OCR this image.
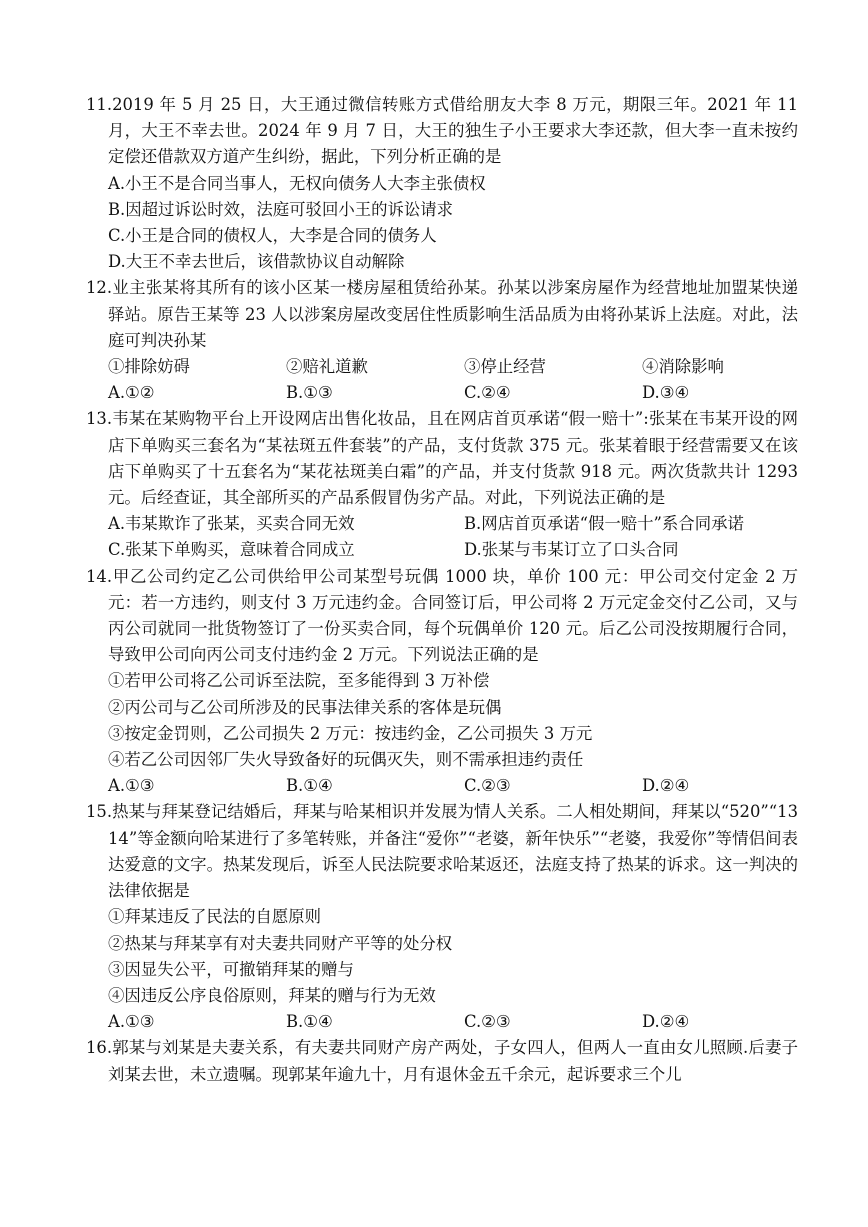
11.2019 年 5 月 25 日，大王通过微信转账方式借给朋友大李 8 万元，期限三年。2021 年 11 月，大王不幸去世。2024 年 9 月 7 日，大王的独生子小王要求大李还款，但大李一直未按约定偿还借款双方道产生纠纷，据此，下列分析正确的是
A.小王不是合同当事人，无权向债务人大李主张债权
B.因超过诉讼时效，法庭可驳回小王的诉讼请求
C.小王是合同的债权人，大李是合同的债务人
D.大王不幸去世后，该借款协议自动解除
12.业主张某将其所有的该小区某一楼房屋租赁给孙某。孙某以涉案房屋作为经营地址加盟某快递驿站。原告王某等 23 人以涉案房屋改变居住性质影响生活品质为由将孙某诉上法庭。对此，法庭可判决孙某
①排除妨碍	②赔礼道歉	③停止经营	④消除影响
A.①②	B.①③	C.②④	D.③④
13.韦某在某购物平台上开设网店出售化妆品，且在网店首页承诺“假一赔十”:张某在韦某开设的网店下单购买三套名为“某祛斑五件套装”的产品，支付货款 375 元。张某着眼于经营需要又在该店下单购买了十五套名为“某花祛斑美白霜”的产品，并支付货款 918 元。两次货款共计 1293 元。后经查证，其全部所买的产品系假冒伪劣产品。对此，下列说法正确的是
A.韦某欺诈了张某，买卖合同无效	B.网店首页承诺“假一赔十”系合同承诺
C.张某下单购买，意味着合同成立	D.张某与韦某订立了口头合同
14.甲乙公司约定乙公司供给甲公司某型号玩偶 1000 块，单价 100 元：甲公司交付定金 2 万元：若一方违约，则支付 3 万元违约金。合同签订后，甲公司将 2 万元定金交付乙公司，又与丙公司就同一批货物签订了一份买卖合同，每个玩偶单价 120 元。后乙公司没按期履行合同，导致甲公司向丙公司支付违约金 2 万元。下列说法正确的是
①若甲公司将乙公司诉至法院，至多能得到 3 万补偿
②丙公司与乙公司所涉及的民事法律关系的客体是玩偶
③按定金罚则，乙公司损失 2 万元：按违约金，乙公司损失 3 万元
④若乙公司因邻厂失火导致备好的玩偶灭失，则不需承担违约责任
A.①③	B.①④	C.②③	D.②④
15.热某与拜某登记结婚后，拜某与哈某相识并发展为情人关系。二人相处期间，拜某以“520”“1314”等金额向哈某进行了多笔转账，并备注“爱你”“老婆，新年快乐”“老婆，我爱你”等情侣间表达爱意的文字。热某发现后，诉至人民法院要求哈某返还，法庭支持了热某的诉求。这一判决的法律依据是
①拜某违反了民法的自愿原则
②热某与拜某享有对夫妻共同财产平等的处分权
③因显失公平，可撤销拜某的赠与
④因违反公序良俗原则，拜某的赠与行为无效
A.①③	B.①④	C.②③	D.②④
16.郭某与刘某是夫妻关系，有夫妻共同财产房产两处，子女四人，但两人一直由女儿照顾.后妻子刘某去世，未立遗嘱。现郭某年逾九十，月有退休金五千余元，起诉要求三个儿
